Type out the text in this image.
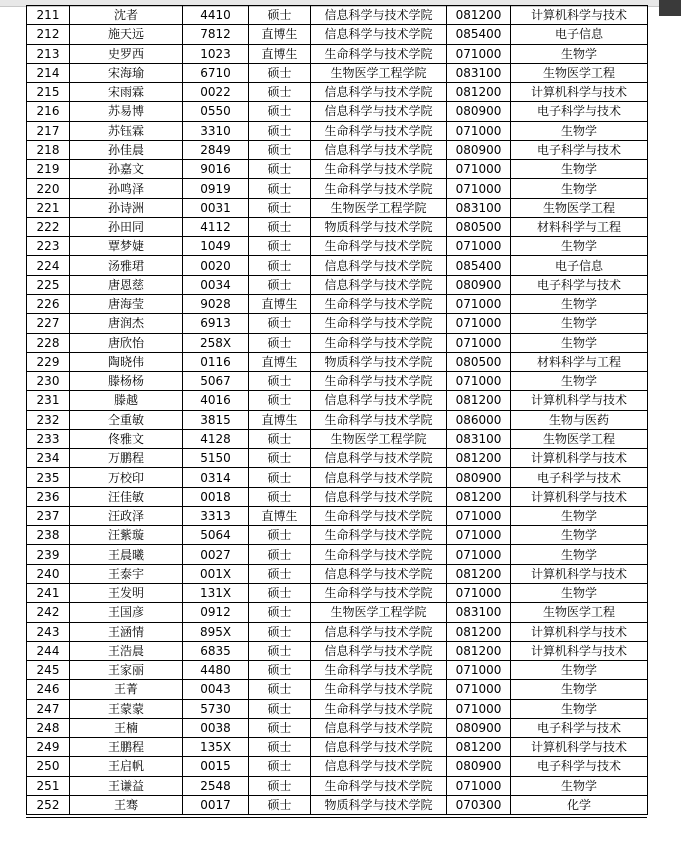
211	沈者	4410	硕士	信息科学与技术学院	081200	计算机科学与技术
212	施天远	7812	直博生	信息科学与技术学院	085400	电子信息
213	史罗西	1023	直博生	生命科学与技术学院	071000	生物学
214	宋海瑜	6710	硕士	生物医学工程学院	083100	生物医学工程
215	宋雨霖	0022	硕士	信息科学与技术学院	081200	计算机科学与技术
216	苏易博	0550	硕士	信息科学与技术学院	080900	电子科学与技术
217	苏钰霖	3310	硕士	生命科学与技术学院	071000	生物学
218	孙佳晨	2849	硕士	信息科学与技术学院	080900	电子科学与技术
219	孙嘉文	9016	硕士	生命科学与技术学院	071000	生物学
220	孙鸣泽	0919	硕士	生命科学与技术学院	071000	生物学
221	孙诗洲	0031	硕士	生物医学工程学院	083100	生物医学工程
222	孙田同	4112	硕士	物质科学与技术学院	080500	材料科学与工程
223	覃梦婕	1049	硕士	生命科学与技术学院	071000	生物学
224	汤雅珺	0020	硕士	信息科学与技术学院	085400	电子信息
225	唐恩慈	0034	硕士	信息科学与技术学院	080900	电子科学与技术
226	唐海莹	9028	直博生	生命科学与技术学院	071000	生物学
227	唐润杰	6913	硕士	生命科学与技术学院	071000	生物学
228	唐欣怡	258X	硕士	生命科学与技术学院	071000	生物学
229	陶晓伟	0116	直博生	物质科学与技术学院	080500	材料科学与工程
230	滕杨杨	5067	硕士	生命科学与技术学院	071000	生物学
231	滕越	4016	硕士	信息科学与技术学院	081200	计算机科学与技术
232	仝重敏	3815	直博生	生命科学与技术学院	086000	生物与医药
233	佟雅文	4128	硕士	生物医学工程学院	083100	生物医学工程
234	万鹏程	5150	硕士	信息科学与技术学院	081200	计算机科学与技术
235	万校印	0314	硕士	信息科学与技术学院	080900	电子科学与技术
236	汪佳敏	0018	硕士	信息科学与技术学院	081200	计算机科学与技术
237	汪政泽	3313	直博生	生命科学与技术学院	071000	生物学
238	汪紫璇	5064	硕士	生命科学与技术学院	071000	生物学
239	王晨曦	0027	硕士	生命科学与技术学院	071000	生物学
240	王泰宇	001X	硕士	信息科学与技术学院	081200	计算机科学与技术
241	王发明	131X	硕士	生命科学与技术学院	071000	生物学
242	王国彦	0912	硕士	生物医学工程学院	083100	生物医学工程
243	王涵情	895X	硕士	信息科学与技术学院	081200	计算机科学与技术
244	王浩晨	6835	硕士	信息科学与技术学院	081200	计算机科学与技术
245	王家丽	4480	硕士	生命科学与技术学院	071000	生物学
246	王菁	0043	硕士	生命科学与技术学院	071000	生物学
247	王蒙蒙	5730	硕士	生命科学与技术学院	071000	生物学
248	王楠	0038	硕士	信息科学与技术学院	080900	电子科学与技术
249	王鹏程	135X	硕士	信息科学与技术学院	081200	计算机科学与技术
250	王启帆	0015	硕士	信息科学与技术学院	080900	电子科学与技术
251	王谦益	2548	硕士	生命科学与技术学院	071000	生物学
252	王骞	0017	硕士	物质科学与技术学院	070300	化学
